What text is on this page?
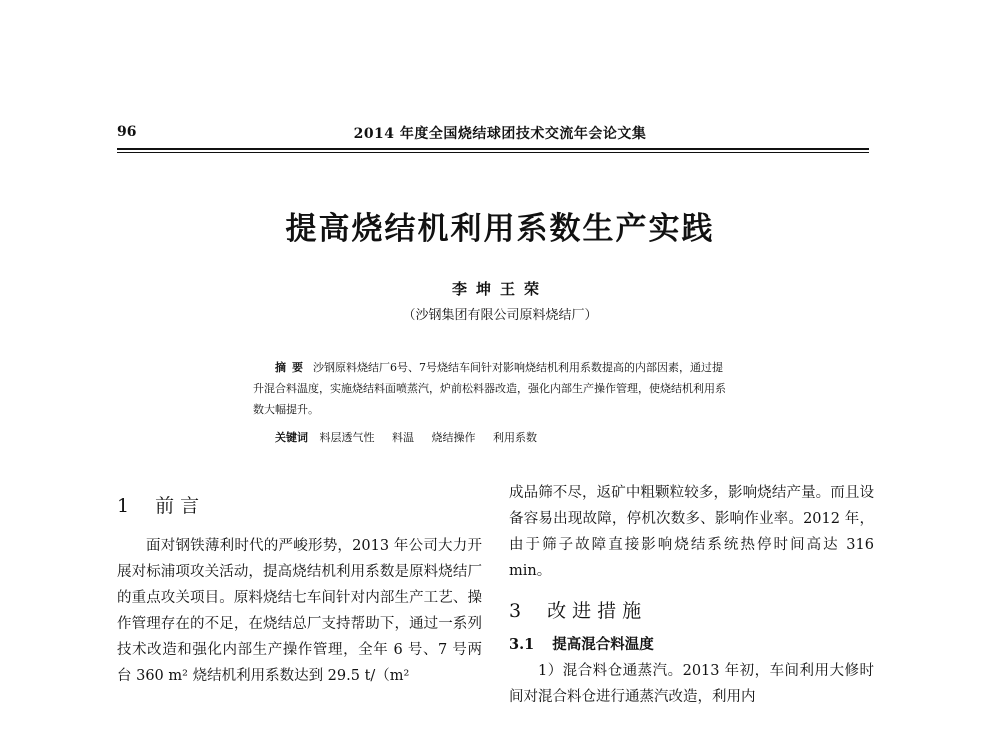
96	2014 年度全国烧结球团技术交流年会论文集
提高烧结机利用系数生产实践
李坤王荣
（沙钢集团有限公司原料烧结厂）
摘要 沙钢原料烧结厂6号、7号烧结车间针对影响烧结机利用系数提高的内部因素，通过提升混合料温度，实施烧结料面喷蒸汽，炉前松料器改造，强化内部生产操作管理，使烧结机利用系数大幅提升。
关键词 料层透气性 料温 烧结操作 利用系数
1 前言

面对钢铁薄利时代的严峻形势，2013 年公司大力开展对标浦项攻关活动，提高烧结机利用系数是原料烧结厂的重点攻关项目。原料烧结七车间针对内部生产工艺、操作管理存在的不足，在烧结总厂支持帮助下，通过一系列技术改造和强化内部生产操作管理，全年 6 号、7 号两台 360 m² 烧结机利用系数达到 29.5 t/（m²

成品筛不尽，返矿中粗颗粒较多，影响烧结产量。而且设备容易出现故障，停机次数多、影响作业率。2012 年，由于筛子故障直接影响烧结系统热停时间高达 316 min。

3 改进措施
3.1 提高混合料温度

1）混合料仓通蒸汽。2013 年初，车间利用大修时间对混合料仓进行通蒸汽改造，利用内
